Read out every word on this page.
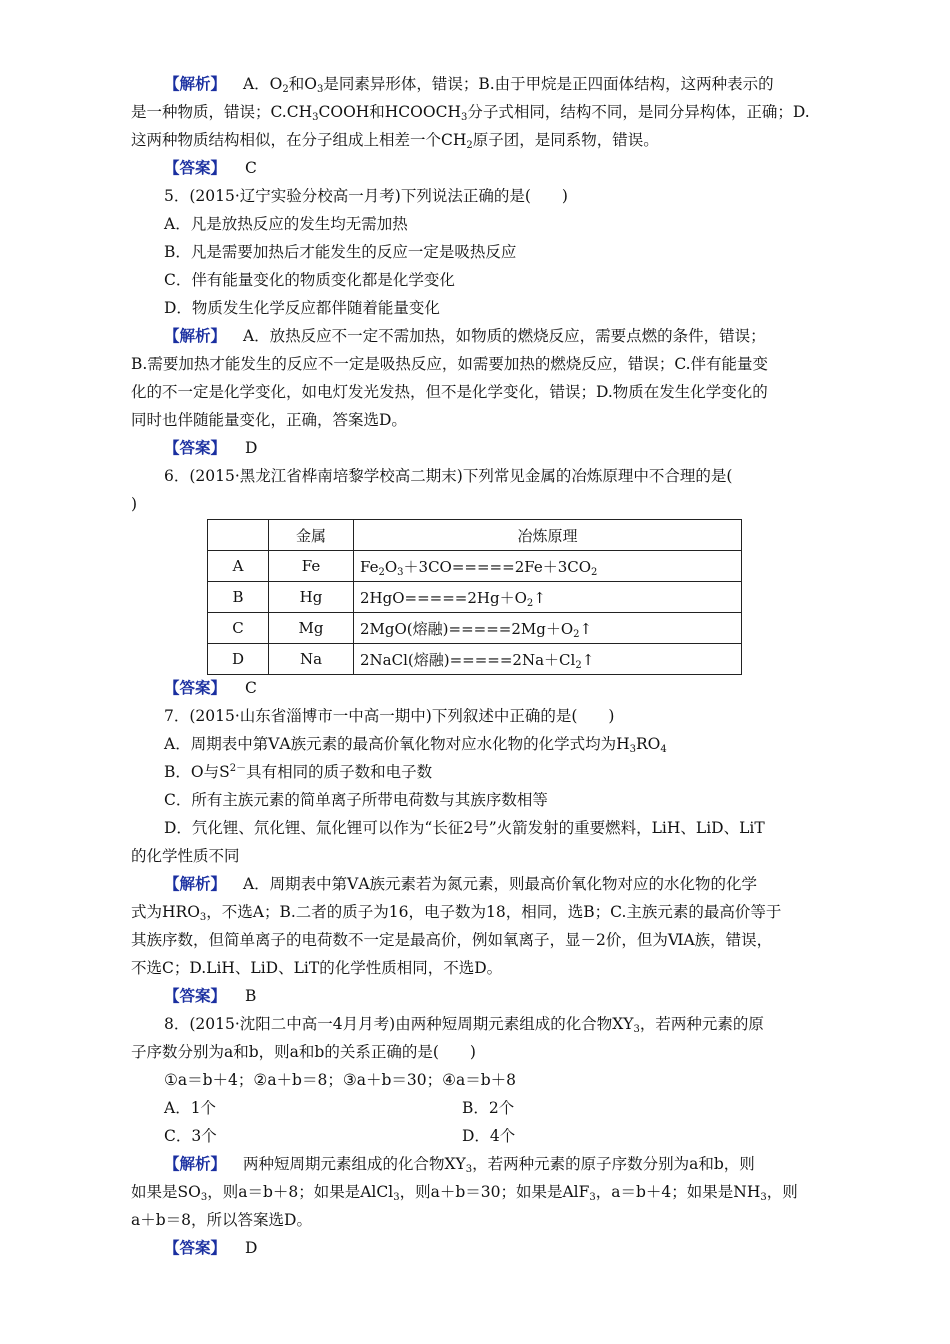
【解析】 A．$O_2$和$O_3$是同素异形体，错误；B.由于甲烷是正四面体结构，这两种表示的
是一种物质，错误；$C.CH_3COOH$和$HCOOCH_3$分子式相同，结构不同，是同分异构体，正确；D.
这两种物质结构相似，在分子组成上相差一个$CH_2$原子团，是同系物，错误。
【答案】 C
5．(2015·辽宁实验分校高一月考)下列说法正确的是(　　)
A．凡是放热反应的发生均无需加热
B．凡是需要加热后才能发生的反应一定是吸热反应
C．伴有能量变化的物质变化都是化学变化
D．物质发生化学反应都伴随着能量变化
【解析】 A．放热反应不一定不需加热，如物质的燃烧反应，需要点燃的条件，错误；
B.需要加热才能发生的反应不一定是吸热反应，如需要加热的燃烧反应，错误；C.伴有能量变
化的不一定是化学变化，如电灯发光发热，但不是化学变化，错误；D.物质在发生化学变化的
同时也伴随能量变化，正确，答案选D。
【答案】 D
6．(2015·黑龙江省桦南培黎学校高二期末)下列常见金属的冶炼原理中不合理的是(
)
	金属	冶炼原理
A	Fe	$Fe_2O_3+3CO=====2Fe+3CO_2$
B	Hg	$2HgO=====2Hg+O_2↑$
C	Mg	2MgO(熔融)$=====2Mg+O_2↑$
D	Na	2NaCl(熔融)$=====2Na+Cl_2↑$
【答案】 C
7．(2015·山东省淄博市一中高一期中)下列叙述中正确的是(　　)
A．周期表中第ⅤA族元素的最高价氧化物对应水化物的化学式均为$H_3RO_4$
B．O与$S^{2-}$具有相同的质子数和电子数
C．所有主族元素的简单离子所带电荷数与其族序数相等
D．氕化锂、氘化锂、氚化锂可以作为“长征2号”火箭发射的重要燃料，LiH、LiD、LiT
的化学性质不同
【解析】 A．周期表中第ⅤA族元素若为氮元素，则最高价氧化物对应的水化物的化学
式为$HRO_3$，不选A；B.二者的质子为16，电子数为18，相同，选B；C.主族元素的最高价等于
其族序数，但简单离子的电荷数不一定是最高价，例如氧离子，显－2价，但为ⅥA族，错误，
不选C；D.LiH、LiD、LiT的化学性质相同，不选D。
【答案】 B
8．(2015·沈阳二中高一4月月考)由两种短周期元素组成的化合物$XY_3$，若两种元素的原
子序数分别为a和b，则a和b的关系正确的是(　　)
①a＝b＋4；②a＋b＝8；③a＋b＝30；④a＝b＋8
A．1个	B．2个
C．3个	D．4个
【解析】 两种短周期元素组成的化合物$XY_3$，若两种元素的原子序数分别为a和b，则
如果是$SO_3$，则a＝b＋8；如果是AlCl$_3$，则a＋b＝30；如果是AlF$_3$，a＝b＋4；如果是$NH_3$，则
a＋b＝8，所以答案选D。
【答案】 D
